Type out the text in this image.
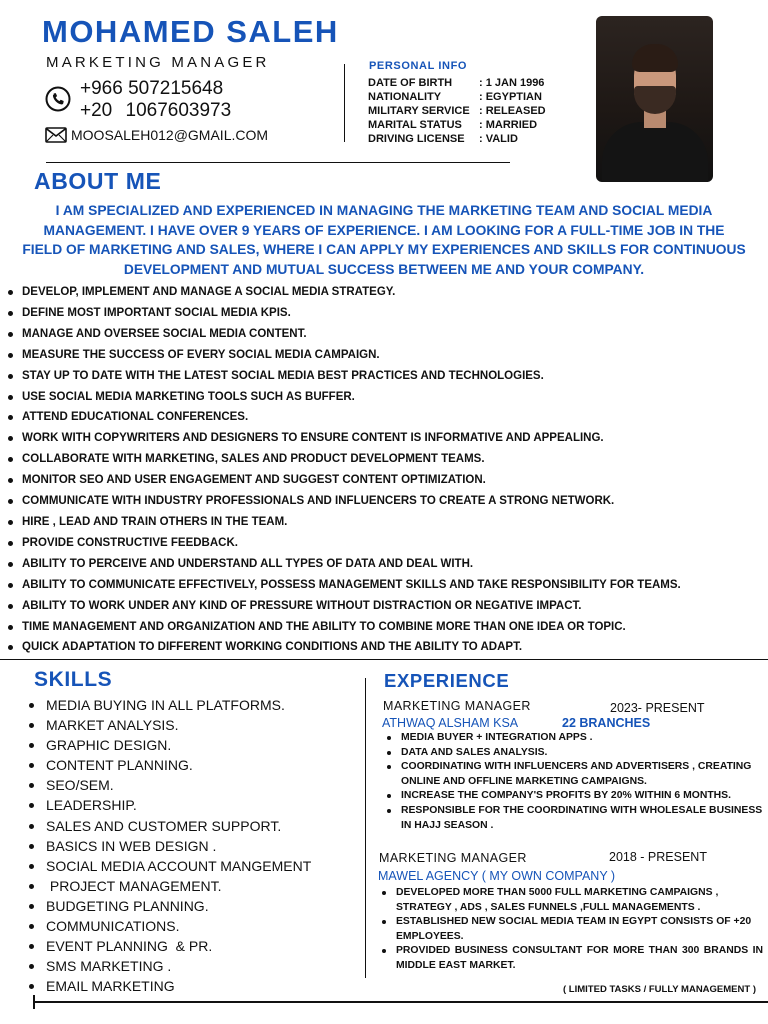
MOHAMED SALEH
MARKETING MANAGER
+966 507215648
+20 1067603973
MOOSALEH012@GMAIL.COM
PERSONAL INFO
DATE OF BIRTH	: 1 JAN 1996
NATIONALITY	: EGYPTIAN
MILITARY SERVICE : RELEASED
MARITAL STATUS	: MARRIED
DRIVING LICENSE	: VALID
ABOUT ME
I AM SPECIALIZED AND EXPERIENCED IN MANAGING THE MARKETING TEAM AND SOCIAL MEDIA MANAGEMENT. I HAVE OVER 9 YEARS OF EXPERIENCE. I AM LOOKING FOR A FULL-TIME JOB IN THE FIELD OF MARKETING AND SALES, WHERE I CAN APPLY MY EXPERIENCES AND SKILLS FOR CONTINUOUS DEVELOPMENT AND MUTUAL SUCCESS BETWEEN ME AND YOUR COMPANY.
DEVELOP, IMPLEMENT AND MANAGE A SOCIAL MEDIA STRATEGY.
DEFINE MOST IMPORTANT SOCIAL MEDIA KPIS.
MANAGE AND OVERSEE SOCIAL MEDIA CONTENT.
MEASURE THE SUCCESS OF EVERY SOCIAL MEDIA CAMPAIGN.
STAY UP TO DATE WITH THE LATEST SOCIAL MEDIA BEST PRACTICES AND TECHNOLOGIES.
USE SOCIAL MEDIA MARKETING TOOLS SUCH AS BUFFER.
ATTEND EDUCATIONAL CONFERENCES.
WORK WITH COPYWRITERS AND DESIGNERS TO ENSURE CONTENT IS INFORMATIVE AND APPEALING.
COLLABORATE WITH MARKETING, SALES AND PRODUCT DEVELOPMENT TEAMS.
MONITOR SEO AND USER ENGAGEMENT AND SUGGEST CONTENT OPTIMIZATION.
COMMUNICATE WITH INDUSTRY PROFESSIONALS AND INFLUENCERS TO CREATE A STRONG NETWORK.
HIRE , LEAD AND TRAIN OTHERS IN THE TEAM.
PROVIDE CONSTRUCTIVE FEEDBACK.
ABILITY TO PERCEIVE AND UNDERSTAND ALL TYPES OF DATA AND DEAL WITH.
ABILITY TO COMMUNICATE EFFECTIVELY, POSSESS MANAGEMENT SKILLS AND TAKE RESPONSIBILITY FOR TEAMS.
ABILITY TO WORK UNDER ANY KIND OF PRESSURE WITHOUT DISTRACTION OR NEGATIVE IMPACT.
TIME MANAGEMENT AND ORGANIZATION AND THE ABILITY TO COMBINE MORE THAN ONE IDEA OR TOPIC.
QUICK ADAPTATION TO DIFFERENT WORKING CONDITIONS AND THE ABILITY TO ADAPT.
SKILLS
MEDIA BUYING IN ALL PLATFORMS.
MARKET ANALYSIS.
GRAPHIC DESIGN.
CONTENT PLANNING.
SEO/SEM.
LEADERSHIP.
SALES AND CUSTOMER SUPPORT.
BASICS IN WEB DESIGN .
SOCIAL MEDIA ACCOUNT MANGEMENT
PROJECT MANAGEMENT.
BUDGETING PLANNING.
COMMUNICATIONS.
EVENT PLANNING  & PR.
SMS MARKETING .
EMAIL MARKETING
EXPERIENCE
MARKETING MANAGER	2023- PRESENT
ATHWAQ ALSHAM KSA	22 BRANCHES
MEDIA BUYER + INTEGRATION APPS .
DATA AND SALES ANALYSIS.
COORDINATING WITH INFLUENCERS AND ADVERTISERS , CREATING ONLINE AND OFFLINE MARKETING CAMPAIGNS.
INCREASE THE COMPANY'S PROFITS BY 20% WITHIN 6 MONTHS.
RESPONSIBLE FOR THE COORDINATING WITH WHOLESALE BUSINESS IN HAJJ SEASON .
MARKETING MANAGER	2018 - PRESENT
MAWEL AGENCY ( MY OWN COMPANY )
DEVELOPED MORE THAN 5000 FULL MARKETING CAMPAIGNS , STRATEGY , ADS , SALES FUNNELS ,FULL MANAGEMENTS .
ESTABLISHED NEW SOCIAL MEDIA TEAM IN EGYPT CONSISTS OF +20 EMPLOYEES.
PROVIDED BUSINESS CONSULTANT FOR MORE THAN 300 BRANDS IN MIDDLE EAST MARKET.
( LIMITED TASKS / FULLY MANAGEMENT )
